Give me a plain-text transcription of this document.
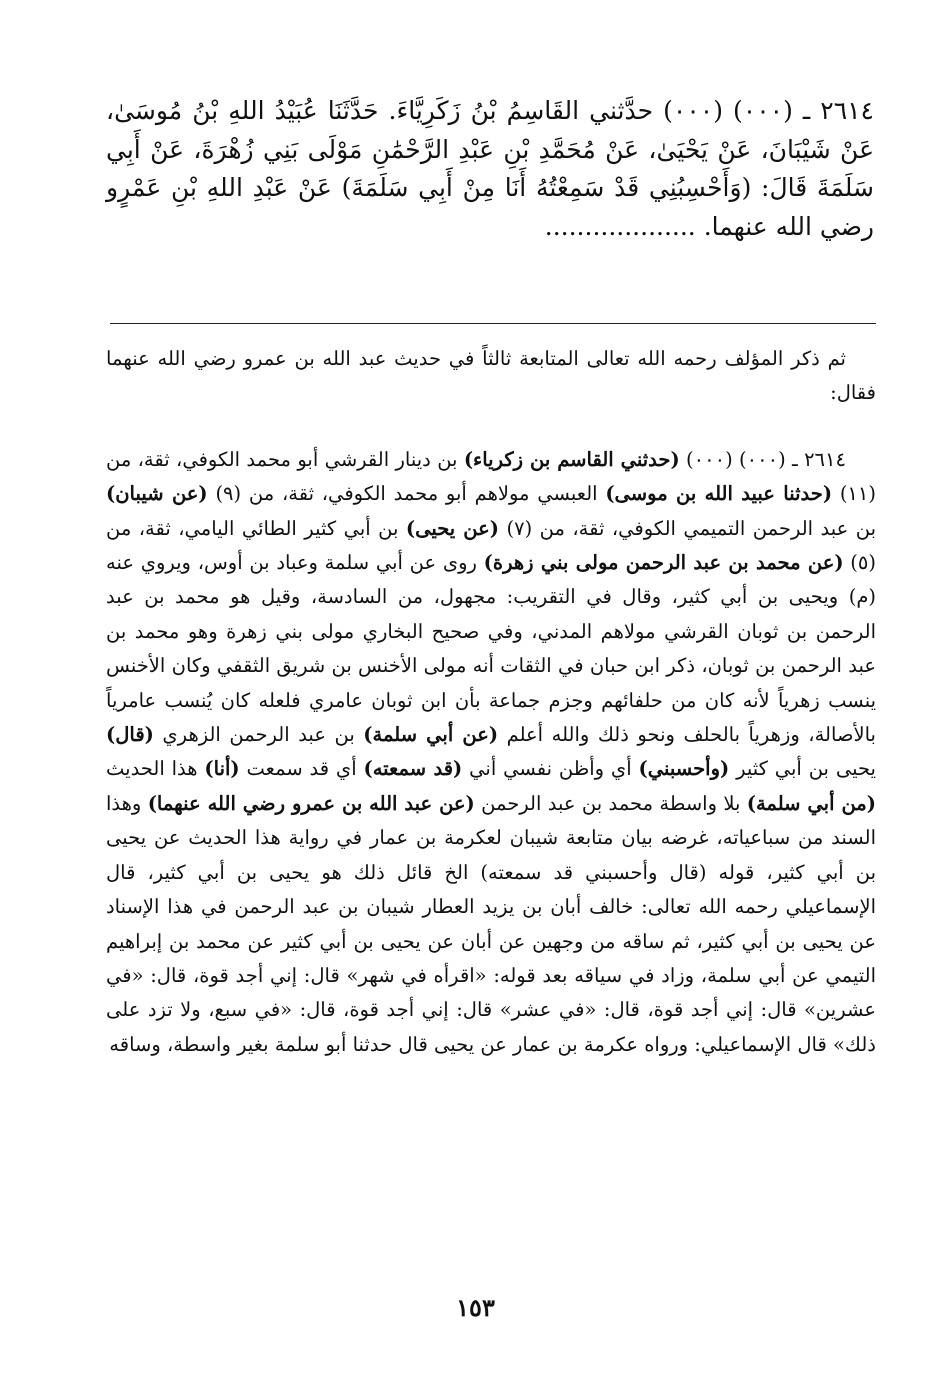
٢٦١٤ ـ (٠٠٠) (٠٠٠) حدَّثني القَاسِمُ بْنُ زَكَرِيَّاءَ. حَدَّثَنَا عُبَيْدُ اللهِ بْنُ مُوسَىٰ، عَنْ شَيْبَانَ، عَنْ يَحْيَىٰ، عَنْ مُحَمَّدِ بْنِ عَبْدِ الرَّحْمَٰنِ مَوْلَى بَنِي زُهْرَةَ، عَنْ أَبِي سَلَمَةَ قَالَ: (وَأَحْسِبُنِي قَدْ سَمِعْتُهُ أَنَا مِنْ أَبِي سَلَمَةَ) عَنْ عَبْدِ اللهِ بْنِ عَمْرٍو رضي الله عنهما. ...................

ثم ذكر المؤلف رحمه الله تعالى المتابعة ثالثاً في حديث عبد الله بن عمرو رضي الله عنهما فقال:

٢٦١٤ ـ (٠٠٠) (٠٠٠) (حدثني القاسم بن زكرياء) بن دينار القرشي أبو محمد الكوفي، ثقة، من (١١) (حدثنا عبيد الله بن موسى) العبسي مولاهم أبو محمد الكوفي، ثقة، من (٩) (عن شيبان) بن عبد الرحمن التميمي الكوفي، ثقة، من (٧) (عن يحيى) بن أبي كثير الطائي اليامي، ثقة، من (٥) (عن محمد بن عبد الرحمن مولى بني زهرة) روى عن أبي سلمة وعباد بن أوس، ويروي عنه (م) ويحيى بن أبي كثير، وقال في التقريب: مجهول، من السادسة، وقيل هو محمد بن عبد الرحمن بن ثوبان القرشي مولاهم المدني، وفي صحيح البخاري مولى بني زهرة وهو محمد بن عبد الرحمن بن ثوبان، ذكر ابن حبان في الثقات أنه مولى الأخنس بن شريق الثقفي وكان الأخنس ينسب زهرياً لأنه كان من حلفائهم وجزم جماعة بأن ابن ثوبان عامري فلعله كان يُنسب عامرياً بالأصالة، وزهرياً بالحلف ونحو ذلك والله أعلم (عن أبي سلمة) بن عبد الرحمن الزهري (قال) يحيى بن أبي كثير (وأحسبني) أي وأظن نفسي أني (قد سمعته) أي قد سمعت (أنا) هذا الحديث (من أبي سلمة) بلا واسطة محمد بن عبد الرحمن (عن عبد الله بن عمرو رضي الله عنهما) وهذا السند من سباعياته، غرضه بيان متابعة شيبان لعكرمة بن عمار في رواية هذا الحديث عن يحيى بن أبي كثير، قوله (قال وأحسبني قد سمعته) الخ قائل ذلك هو يحيى بن أبي كثير، قال الإسماعيلي رحمه الله تعالى: خالف أبان بن يزيد العطار شيبان بن عبد الرحمن في هذا الإسناد عن يحيى بن أبي كثير، ثم ساقه من وجهين عن أبان عن يحيى بن أبي كثير عن محمد بن إبراهيم التيمي عن أبي سلمة، وزاد في سياقه بعد قوله: «اقرأه في شهر» قال: إني أجد قوة، قال: «في عشرين» قال: إني أجد قوة، قال: «في عشر» قال: إني أجد قوة، قال: «في سبع، ولا تزد على ذلك» قال الإسماعيلي: ورواه عكرمة بن عمار عن يحيى قال حدثنا أبو سلمة بغير واسطة، وساقه

١٥٣
